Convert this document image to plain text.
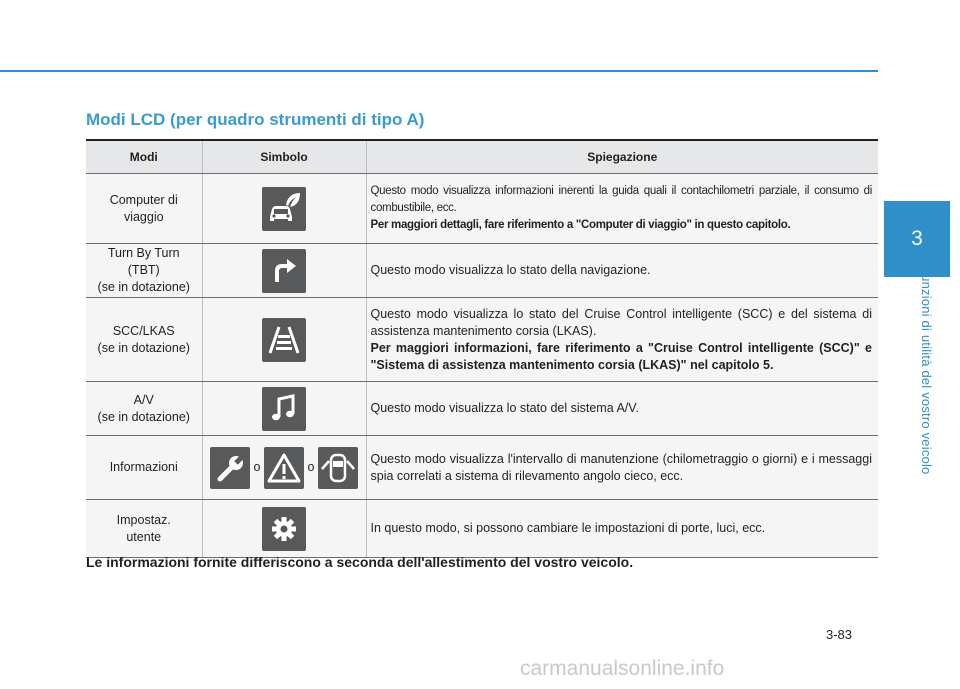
3
Funzioni di utilità del vostro veicolo
Modi LCD (per quadro strumenti di tipo A)
Modi	Simbolo	Spiegazione
Computer di
viaggio		Questo modo visualizza informazioni inerenti la guida quali il contachilometri parziale, il consumo di combustibile, ecc.
Per maggiori dettagli, fare riferimento a "Computer di viaggio" in questo capitolo.

Turn By Turn
(TBT)
(se in dotazione)		Questo modo visualizza lo stato della navigazione.

SCC/LKAS
(se in dotazione)		Questo modo visualizza lo stato del Cruise Control intelligente (SCC) e del sistema di assistenza mantenimento corsia (LKAS).
Per maggiori informazioni, fare riferimento a "Cruise Control intelligente (SCC)" e "Sistema di assistenza mantenimento corsia (LKAS)" nel capitolo 5.

A/V
(se in dotazione)		Questo modo visualizza lo stato del sistema A/V.

Informazioni	o o	Questo modo visualizza l'intervallo di manutenzione (chilometraggio o giorni) e i messaggi spia correlati a sistema di rilevamento angolo cieco, ecc.

Impostaz.
utente		In questo modo, si possono cambiare le impostazioni di porte, luci, ecc.
Le informazioni fornite differiscono a seconda dell'allestimento del vostro veicolo.
3-83
carmanualsonline.info
